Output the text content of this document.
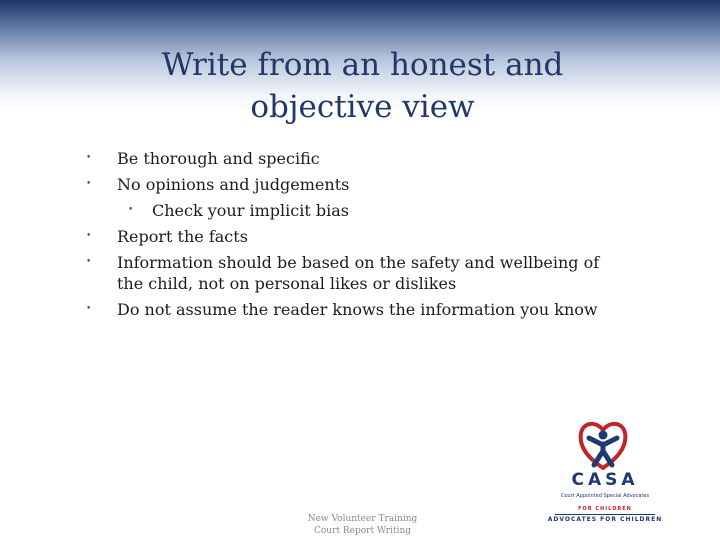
Write from an honest and objective view
• Be thorough and specific
• No opinions and judgements
• Check your implicit bias
• Report the facts
• Information should be based on the safety and wellbeing of the child, not on personal likes or dislikes
• Do not assume the reader knows the information you know
New Volunteer Training
Court Report Writing
CASA
Court Appointed Special Advocates
FOR CHILDREN
ADVOCATES FOR CHILDREN
